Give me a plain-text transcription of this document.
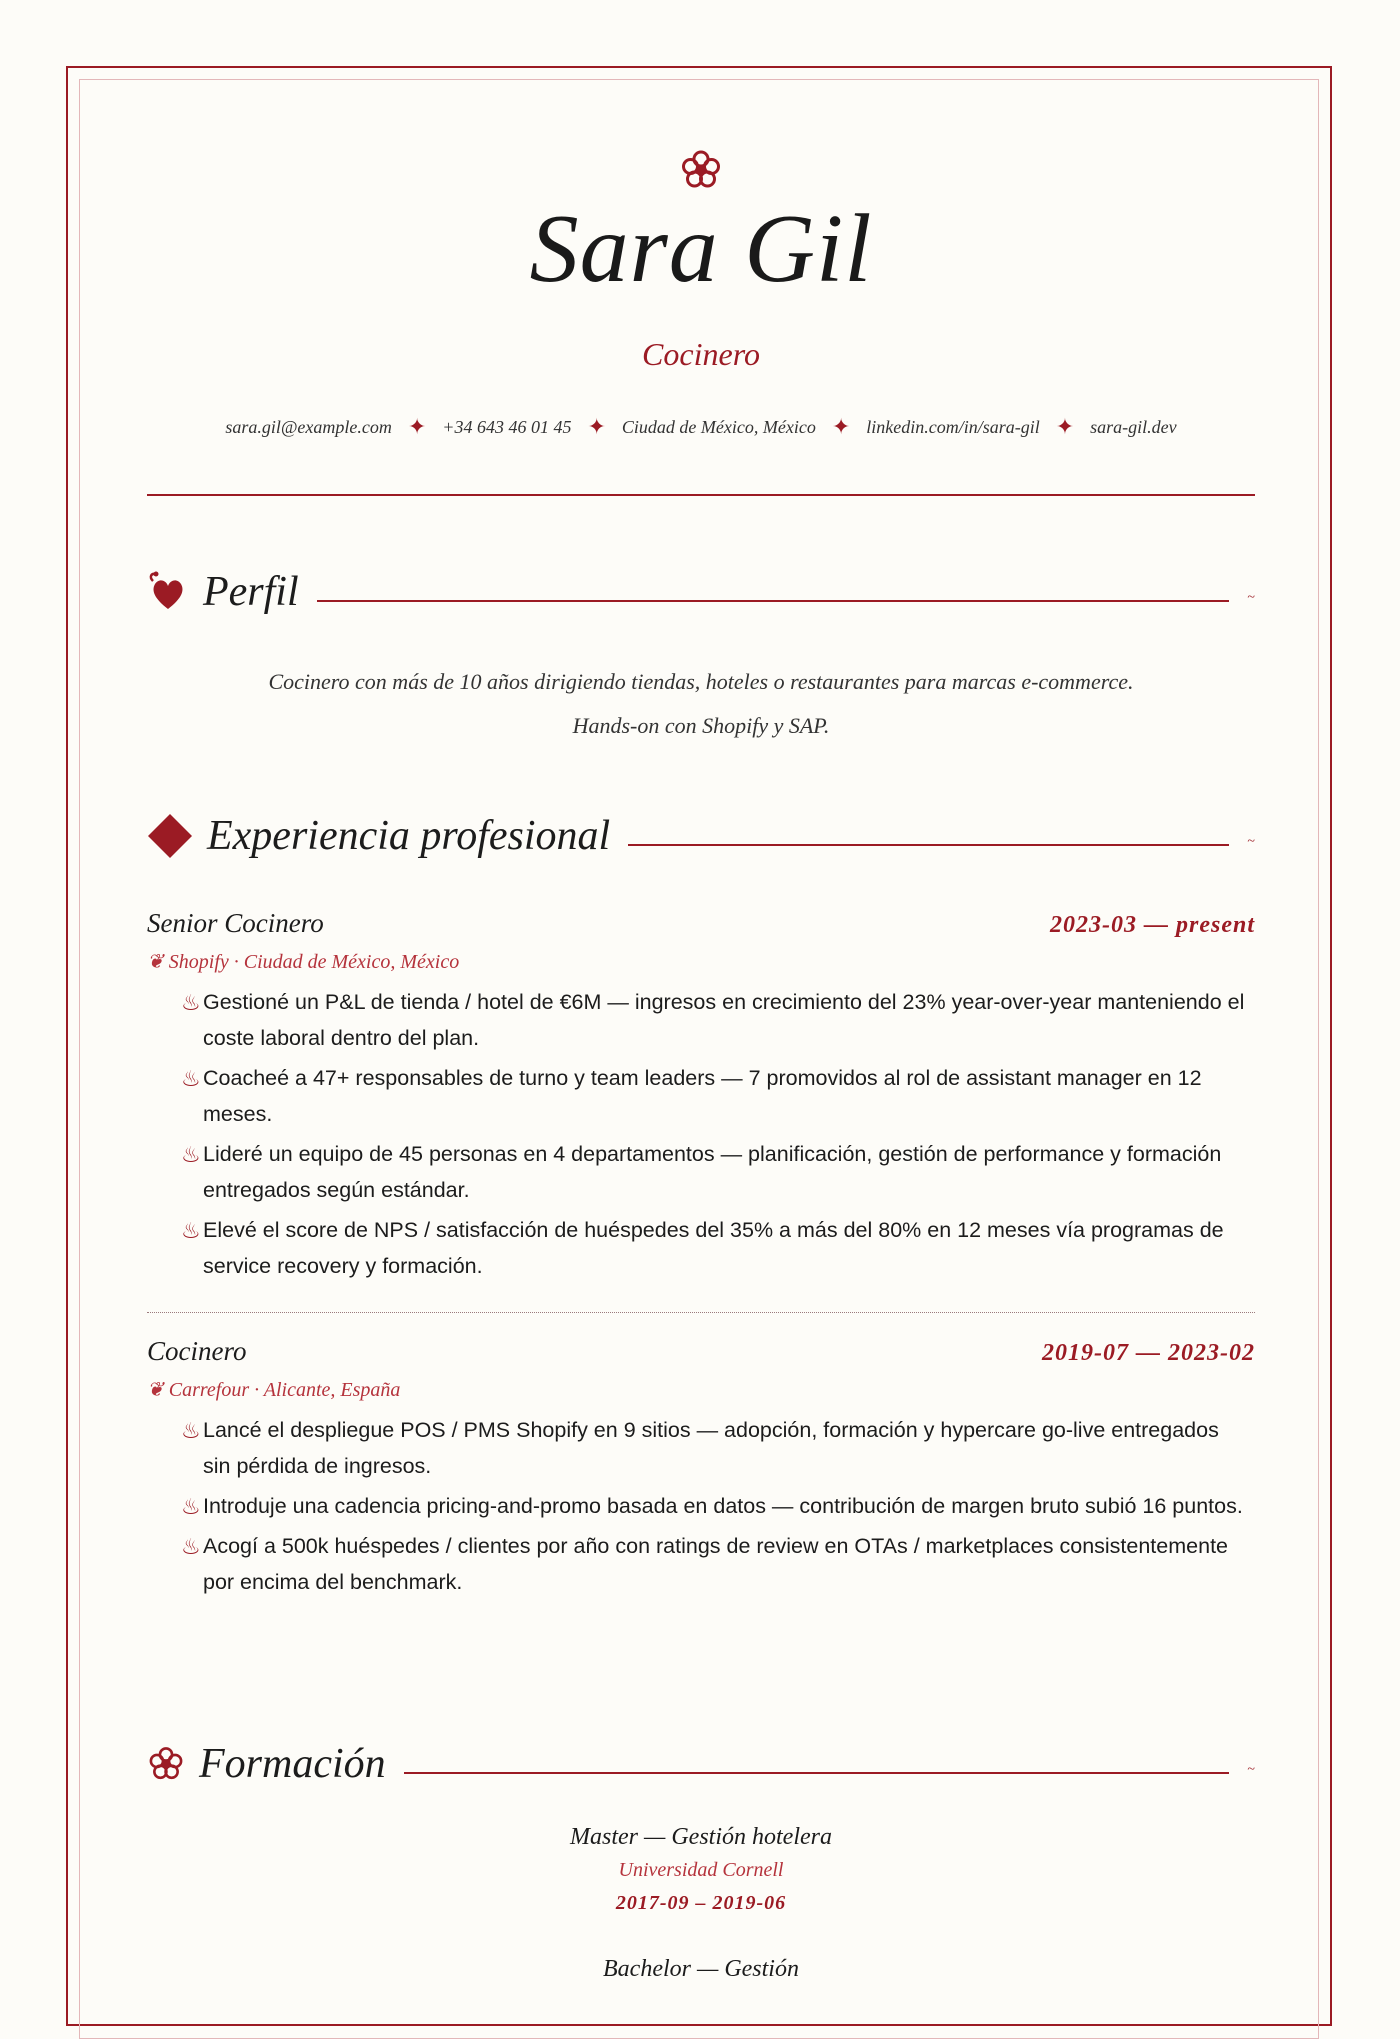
Sara Gil
Cocinero
sara.gil@example.com ✦ +34 643 46 01 45 ✦ Ciudad de México, México ✦ linkedin.com/in/sara-gil ✦ sara-gil.dev
Perfil	~
Cocinero con más de 10 años dirigiendo tiendas, hoteles o restaurantes para marcas e-commerce.
Hands-on con Shopify y SAP.
Experiencia profesional	~
Senior Cocinero	2023-03 — present
❦ Shopify · Ciudad de México, México
♨ Gestioné un P&L de tienda / hotel de €6M — ingresos en crecimiento del 23% year-over-year manteniendo el coste laboral dentro del plan.
♨ Coacheé a 47+ responsables de turno y team leaders — 7 promovidos al rol de assistant manager en 12 meses.
♨ Lideré un equipo de 45 personas en 4 departamentos — planificación, gestión de performance y formación entregados según estándar.
♨ Elevé el score de NPS / satisfacción de huéspedes del 35% a más del 80% en 12 meses vía programas de service recovery y formación.
Cocinero	2019-07 — 2023-02
❦ Carrefour · Alicante, España
♨ Lancé el despliegue POS / PMS Shopify en 9 sitios — adopción, formación y hypercare go-live entregados sin pérdida de ingresos.
♨ Introduje una cadencia pricing-and-promo basada en datos — contribución de margen bruto subió 16 puntos.
♨ Acogí a 500k huéspedes / clientes por año con ratings de review en OTAs / marketplaces consistentemente por encima del benchmark.
Formación	~
Master — Gestión hotelera
Universidad Cornell
2017-09 – 2019-06
Bachelor — Gestión
